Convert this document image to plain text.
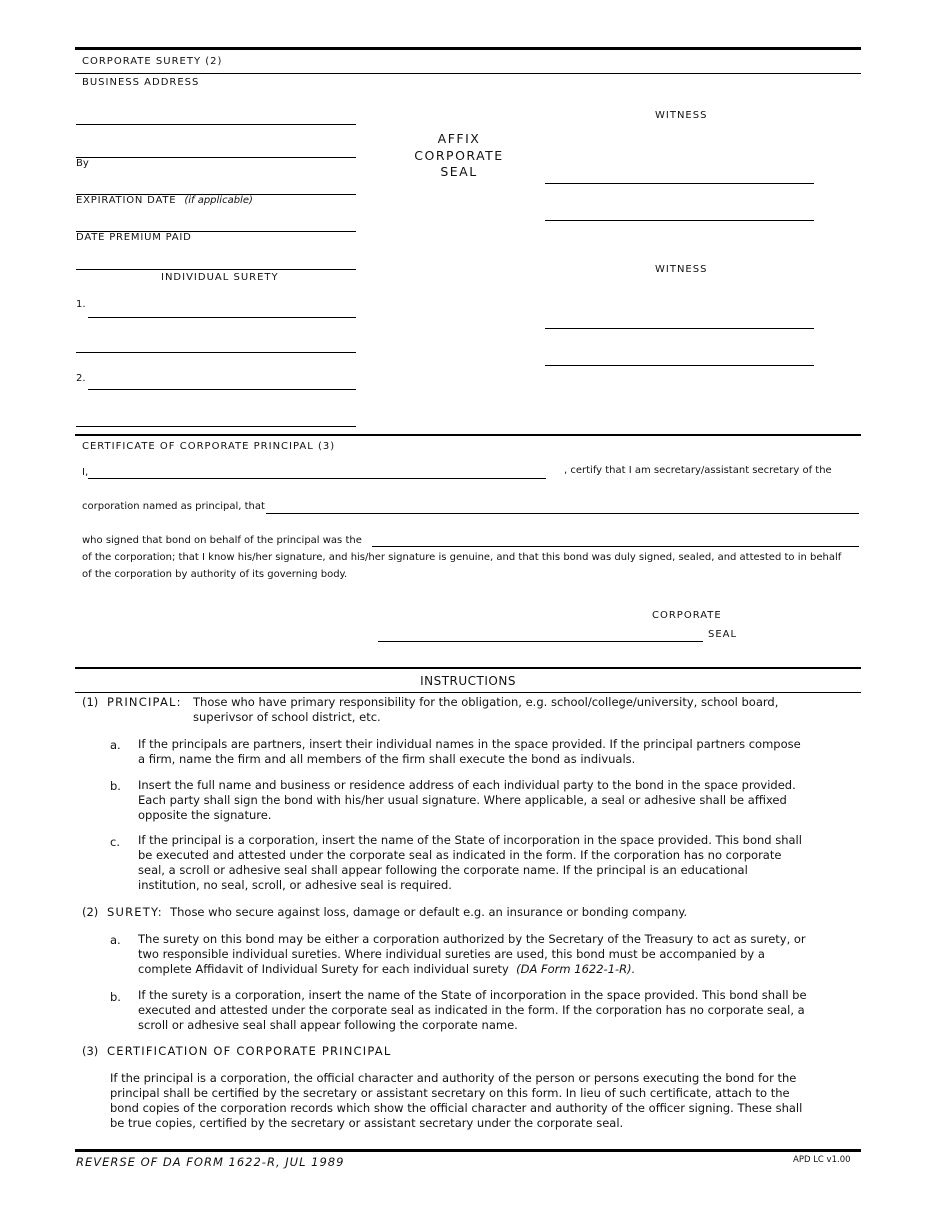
CORPORATE SURETY (2)
BUSINESS ADDRESS
By
EXPIRATION DATE (if applicable)
DATE PREMIUM PAID
INDIVIDUAL SURETY
1.
2.
AFFIX
CORPORATE
SEAL
WITNESS
WITNESS
CERTIFICATE OF CORPORATE PRINCIPAL (3)
I,	, certify that I am secretary/assistant secretary of the
corporation named as principal, that
who signed that bond on behalf of the principal was the
of the corporation; that I know his/her signature, and his/her signature is genuine, and that this bond was duly signed, sealed, and attested to in behalf
of the corporation by authority of its governing body.
CORPORATE
SEAL
INSTRUCTIONS
(1) PRINCIPAL: Those who have primary responsibility for the obligation, e.g. school/college/university, school board, superivsor of school district, etc.
a. If the principals are partners, insert their individual names in the space provided. If the principal partners compose a firm, name the firm and all members of the firm shall execute the bond as indivuals.
b. Insert the full name and business or residence address of each individual party to the bond in the space provided. Each party shall sign the bond with his/her usual signature. Where applicable, a seal or adhesive shall be affixed opposite the signature.
c. If the principal is a corporation, insert the name of the State of incorporation in the space provided. This bond shall be executed and attested under the corporate seal as indicated in the form. If the corporation has no corporate seal, a scroll or adhesive seal shall appear following the corporate name. If the principal is an educational institution, no seal, scroll, or adhesive seal is required.
(2) SURETY: Those who secure against loss, damage or default e.g. an insurance or bonding company.
a. The surety on this bond may be either a corporation authorized by the Secretary of the Treasury to act as surety, or two responsible individual sureties. Where individual sureties are used, this bond must be accompanied by a complete Affidavit of Individual Surety for each individual surety (DA Form 1622-1-R).
b. If the surety is a corporation, insert the name of the State of incorporation in the space provided. This bond shall be executed and attested under the corporate seal as indicated in the form. If the corporation has no corporate seal, a scroll or adhesive seal shall appear following the corporate name.
(3) CERTIFICATION OF CORPORATE PRINCIPAL
If the principal is a corporation, the official character and authority of the person or persons executing the bond for the principal shall be certified by the secretary or assistant secretary on this form. In lieu of such certificate, attach to the bond copies of the corporation records which show the official character and authority of the officer signing. These shall be true copies, certified by the secretary or assistant secretary under the corporate seal.
REVERSE OF DA FORM 1622-R, JUL 1989	APD LC v1.00
